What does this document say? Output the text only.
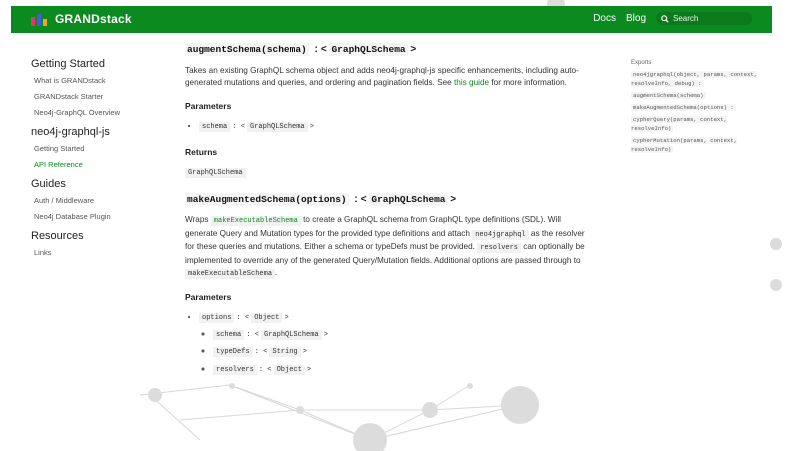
GRANDstack	Docs Blog	Search
Getting Started
What is GRANDstack
GRANDstack Starter
Neo4j-GraphQL Overview
neo4j-graphql-js
Getting Started
API Reference
Guides
Auth / Middleware
Neo4j Database Plugin
Resources
Links
augmentSchema(schema) : < GraphQLSchema >

Takes an existing GraphQL schema object and adds neo4j-graphql-js specific enhancements, including auto-generated mutations and queries, and ordering and pagination fields. See this guide for more information.

Parameters
• schema : < GraphQLSchema >
Returns

GraphQLSchema

makeAugmentedSchema(options) : < GraphQLSchema >

Wraps makeExecutableSchema to create a GraphQL schema from GraphQL type definitions (SDL). Will generate Query and Mutation types for the provided type definitions and attach neo4jgraphql as the resolver for these queries and mutations. Either a schema or typeDefs must be provided. resolvers can optionally be implemented to override any of the generated Query/Mutation fields. Additional options are passed through to makeExecutableSchema .

Parameters
• options : < Object >
◦ schema : < GraphQLSchema >
◦ typeDefs : < String >
◦ resolvers : < Object >
Exports
neo4jgraphql(object, params, context, resolveInfo, debug) :
augmentSchema(schema)
makeAugmentedSchema(options) :
cypherQuery(params, context, resolveInfo)
cypherMutation(params, context, resolveInfo)
